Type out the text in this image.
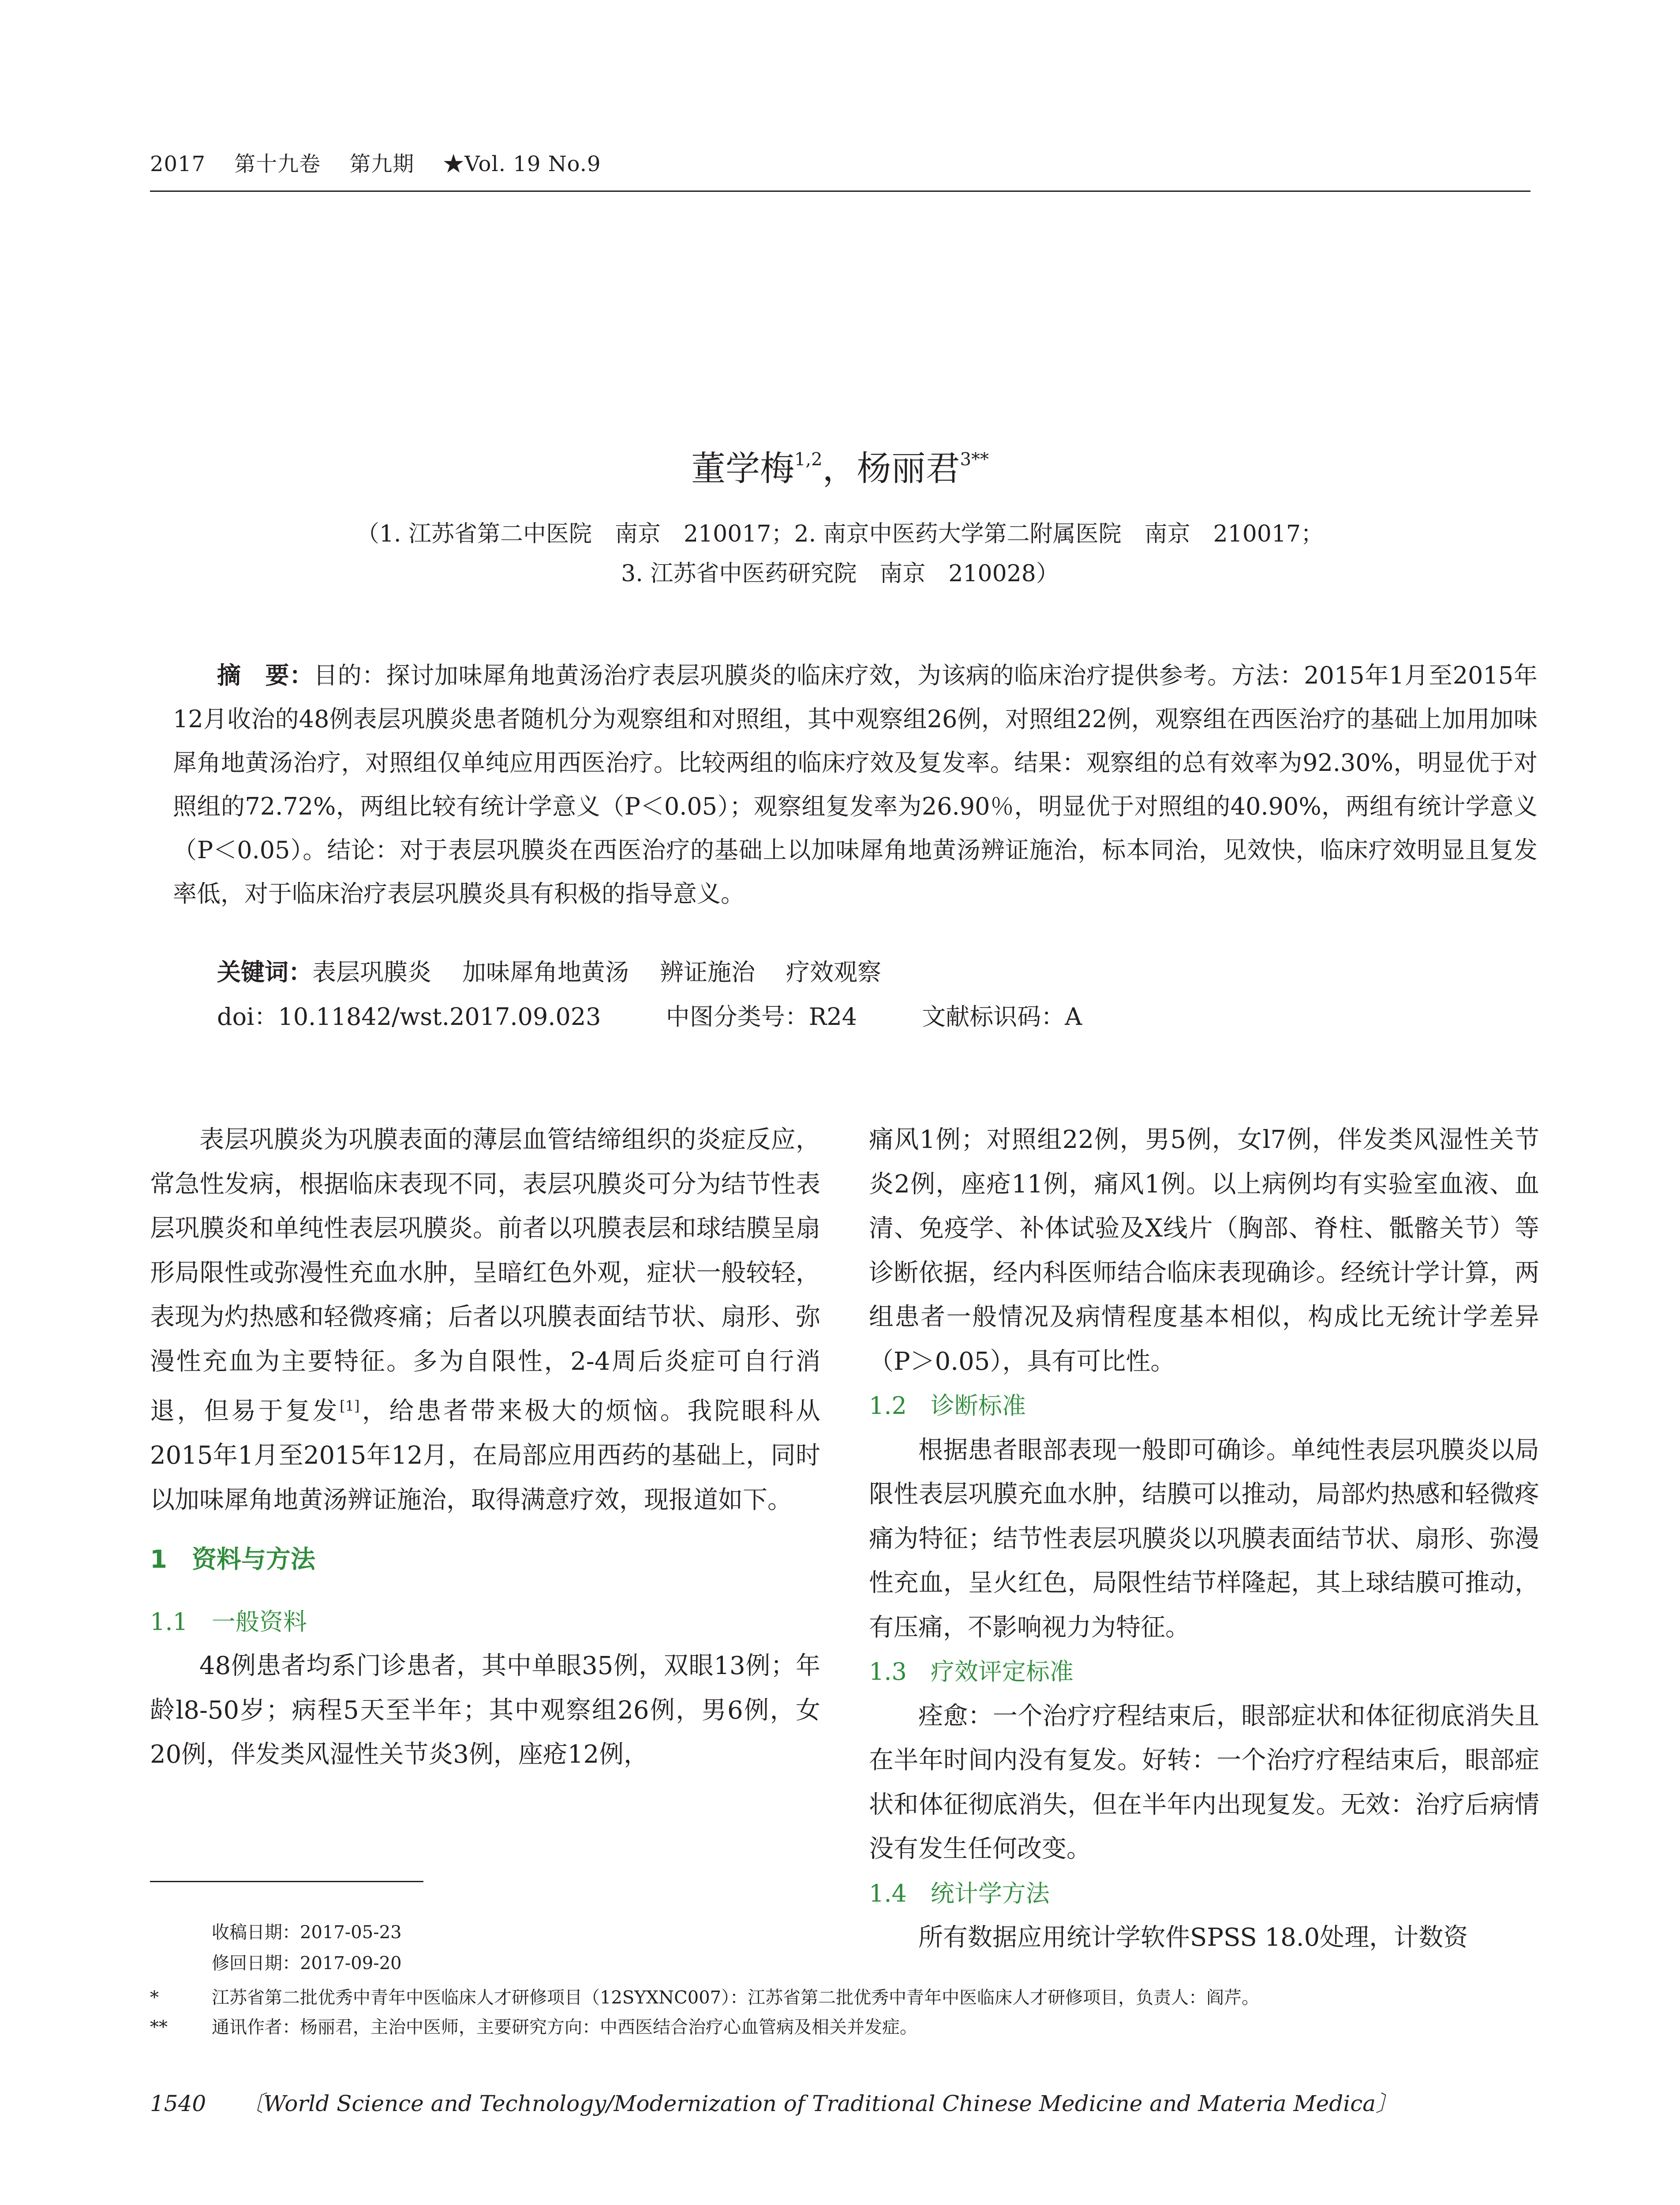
2017 第十九卷 第九期 ★Vol. 19 No.9
董学梅$^{1,2}$，杨丽君$^{3**}$
（1. 江苏省第二中医院　南京　210017；2. 南京中医药大学第二附属医院　南京　210017；
3. 江苏省中医药研究院　南京　210028）
摘　要：目的：探讨加味犀角地黄汤治疗表层巩膜炎的临床疗效，为该病的临床治疗提供参考。方法：2015年1月至2015年12月收治的48例表层巩膜炎患者随机分为观察组和对照组，其中观察组26例，对照组22例，观察组在西医治疗的基础上加用加味犀角地黄汤治疗，对照组仅单纯应用西医治疗。比较两组的临床疗效及复发率。结果：观察组的总有效率为92.30%，明显优于对照组的72.72%，两组比较有统计学意义（P＜0.05）；观察组复发率为26.90％，明显优于对照组的40.90%，两组有统计学意义（P＜0.05）。结论：对于表层巩膜炎在西医治疗的基础上以加味犀角地黄汤辨证施治，标本同治，见效快，临床疗效明显且复发率低，对于临床治疗表层巩膜炎具有积极的指导意义。
关键词：表层巩膜炎 加味犀角地黄汤 辨证施治 疗效观察
doi：10.11842/wst.2017.09.023	中图分类号：R24	文献标识码：A

表层巩膜炎为巩膜表面的薄层血管结缔组织的炎症反应，常急性发病，根据临床表现不同，表层巩膜炎可分为结节性表层巩膜炎和单纯性表层巩膜炎。前者以巩膜表层和球结膜呈扇形局限性或弥漫性充血水肿，呈暗红色外观，症状一般较轻，表现为灼热感和轻微疼痛；后者以巩膜表面结节状、扇形、弥漫性充血为主要特征。多为自限性，2-4周后炎症可自行消退，但易于复发[1]，给患者带来极大的烦恼。我院眼科从2015年1月至2015年12月，在局部应用西药的基础上，同时以加味犀角地黄汤辨证施治，取得满意疗效，现报道如下。

1　资料与方法

1.1　一般资料

48例患者均系门诊患者，其中单眼35例，双眼13例；年龄l8-50岁；病程5天至半年；其中观察组26例，男6例，女20例，伴发类风湿性关节炎3例，座疮12例，

痛风1例；对照组22例，男5例，女l7例，伴发类风湿性关节炎2例，座疮11例，痛风1例。以上病例均有实验室血液、血清、免疫学、补体试验及X线片（胸部、脊柱、骶髂关节）等诊断依据，经内科医师结合临床表现确诊。经统计学计算，两组患者一般情况及病情程度基本相似，构成比无统计学差异（P＞0.05），具有可比性。

1.2　诊断标准

根据患者眼部表现一般即可确诊。单纯性表层巩膜炎以局限性表层巩膜充血水肿，结膜可以推动，局部灼热感和轻微疼痛为特征；结节性表层巩膜炎以巩膜表面结节状、扇形、弥漫性充血，呈火红色，局限性结节样隆起，其上球结膜可推动，有压痛，不影响视力为特征。

1.3　疗效评定标准

痊愈：一个治疗疗程结束后，眼部症状和体征彻底消失且在半年时间内没有复发。好转：一个治疗疗程结束后，眼部症状和体征彻底消失，但在半年内出现复发。无效：治疗后病情没有发生任何改变。

1.4　统计学方法

所有数据应用统计学软件SPSS 18.0处理，计数资

收稿日期：2017-05-23
修回日期：2017-09-20
*	江苏省第二批优秀中青年中医临床人才研修项目（12SYXNC007）：江苏省第二批优秀中青年中医临床人才研修项目，负责人：阎芹。
**	通讯作者：杨丽君，主治中医师，主要研究方向：中西医结合治疗心血管病及相关并发症。
1540 〔World Science and Technology/Modernization of Traditional Chinese Medicine and Materia Medica〕
